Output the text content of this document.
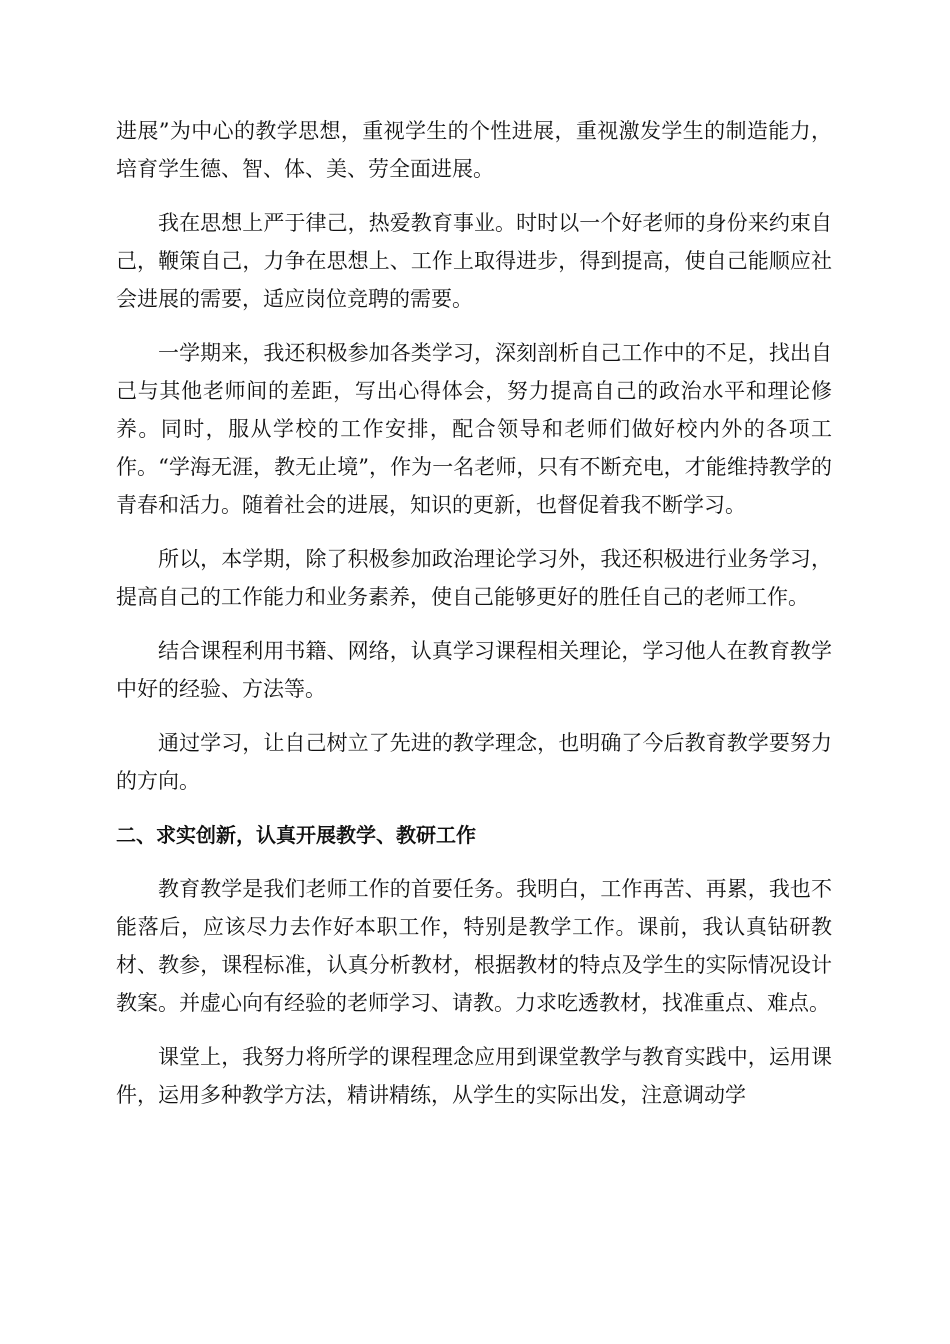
进展”为中心的教学思想，重视学生的个性进展，重视激发学生的制造能力，培育学生德、智、体、美、劳全面进展。

我在思想上严于律己，热爱教育事业。时时以一个好老师的身份来约束自己，鞭策自己，力争在思想上、工作上取得进步，得到提高，使自己能顺应社会进展的需要，适应岗位竞聘的需要。

一学期来，我还积极参加各类学习，深刻剖析自己工作中的不足，找出自己与其他老师间的差距，写出心得体会，努力提高自己的政治水平和理论修养。同时，服从学校的工作安排，配合领导和老师们做好校内外的各项工作。“学海无涯，教无止境”，作为一名老师，只有不断充电，才能维持教学的青春和活力。随着社会的进展，知识的更新，也督促着我不断学习。

所以，本学期，除了积极参加政治理论学习外，我还积极进行业务学习，提高自己的工作能力和业务素养，使自己能够更好的胜任自己的老师工作。

结合课程利用书籍、网络，认真学习课程相关理论，学习他人在教育教学中好的经验、方法等。

通过学习，让自己树立了先进的教学理念，也明确了今后教育教学要努力的方向。

二、求实创新，认真开展教学、教研工作

教育教学是我们老师工作的首要任务。我明白，工作再苦、再累，我也不能落后，应该尽力去作好本职工作，特别是教学工作。课前，我认真钻研教材、教参，课程标准，认真分析教材，根据教材的特点及学生的实际情况设计教案。并虚心向有经验的老师学习、请教。力求吃透教材，找准重点、难点。

课堂上，我努力将所学的课程理念应用到课堂教学与教育实践中，运用课件，运用多种教学方法，精讲精练，从学生的实际出发，注意调动学
